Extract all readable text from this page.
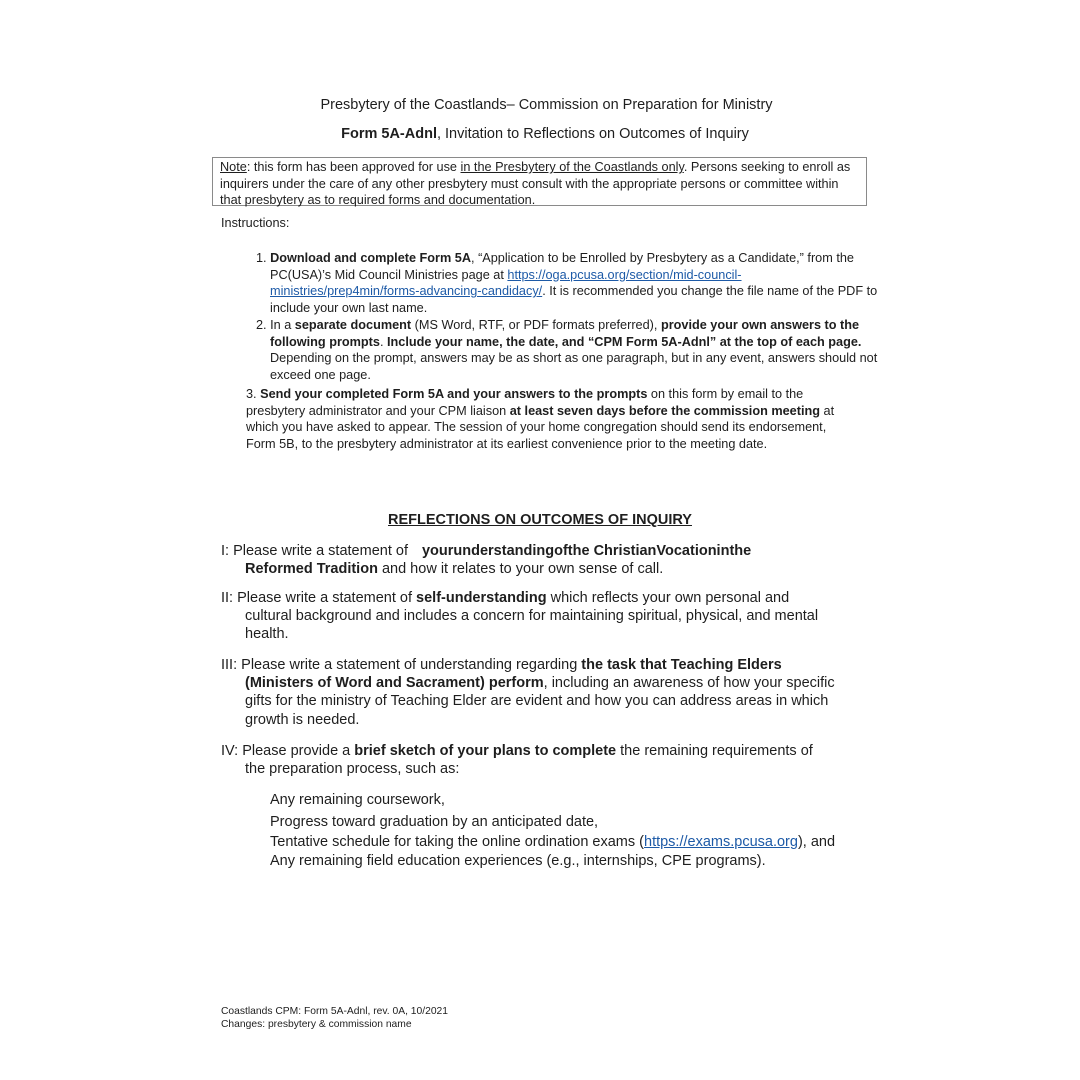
Presbytery of the Coastlands– Commission on Preparation for Ministry
Form 5A-Adnl, Invitation to Reflections on Outcomes of Inquiry
Note: this form has been approved for use in the Presbytery of the Coastlands only. Persons seeking to enroll as inquirers under the care of any other presbytery must consult with the appropriate persons or committee within that presbytery as to required forms and documentation.
Instructions:
1. Download and complete Form 5A, “Application to be Enrolled by Presbytery as a Candidate,” from the PC(USA)’s Mid Council Ministries page at https://oga.pcusa.org/section/mid-council-ministries/prep4min/forms-advancing-candidacy/. It is recommended you change the file name of the PDF to include your own last name.
2. In a separate document (MS Word, RTF, or PDF formats preferred), provide your own answers to the following prompts. Include your name, the date, and “CPM Form 5A-Adnl” at the top of each page. Depending on the prompt, answers may be as short as one paragraph, but in any event, answers should not exceed one page.
3. Send your completed Form 5A and your answers to the prompts on this form by email to the presbytery administrator and your CPM liaison at least seven days before the commission meeting at which you have asked to appear. The session of your home congregation should send its endorsement, Form 5B, to the presbytery administrator at its earliest convenience prior to the meeting date.
REFLECTIONS ON OUTCOMES OF INQUIRY
I: Please write a statement of yourunderstandingofthe ChristianVocationinthe
Reformed Tradition and how it relates to your own sense of call.
II: Please write a statement of self-understanding which reflects your own personal and
cultural background and includes a concern for maintaining spiritual, physical, and mental health.
III: Please write a statement of understanding regarding the task that Teaching Elders
(Ministers of Word and Sacrament) perform, including an awareness of how your specific gifts for the ministry of Teaching Elder are evident and how you can address areas in which growth is needed.
IV: Please provide a brief sketch of your plans to complete the remaining requirements of
the preparation process, such as:
Any remaining coursework,
Progress toward graduation by an anticipated date,
Tentative schedule for taking the online ordination exams (https://exams.pcusa.org), and
Any remaining field education experiences (e.g., internships, CPE programs).
Coastlands CPM: Form 5A-Adnl, rev. 0A, 10/2021
Changes: presbytery & commission name
